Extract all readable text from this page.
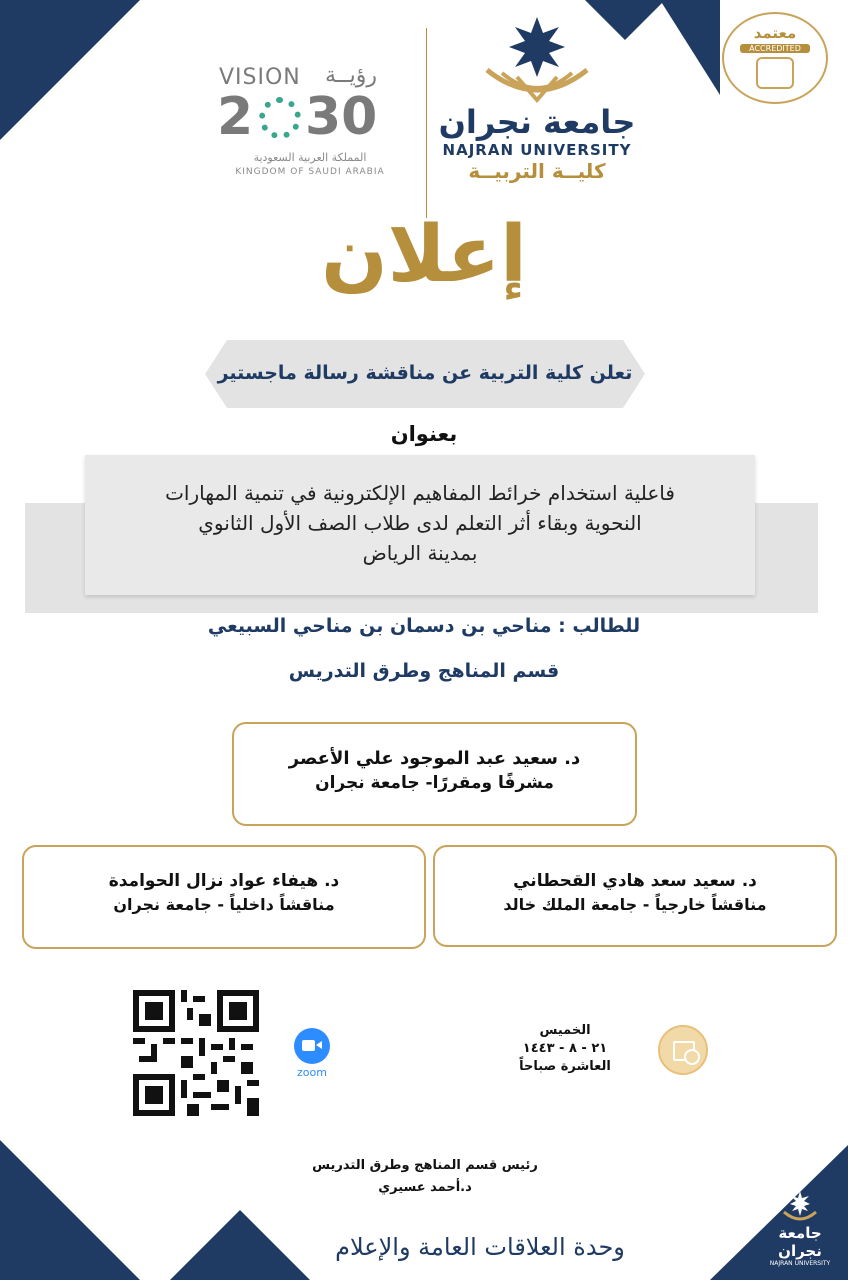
معتمد
ACCREDITED
VISION رؤيــة
2 30
المملكة العربية السعودية
KINGDOM OF SAUDI ARABIA
جامعة نجران
NAJRAN UNIVERSITY
كليــة التربيــة
إعلان
تعلن كلية التربية عن مناقشة رسالة ماجستير
بعنوان
فاعلية استخدام خرائط المفاهيم الإلكترونية في تنمية المهارات
النحوية وبقاء أثر التعلم لدى طلاب الصف الأول الثانوي
بمدينة الرياض
للطالب : مناحي بن دسمان بن مناحي السبيعي
قسم المناهج وطرق التدريس
د. سعيد عبد الموجود علي الأعصر
مشرفًا ومقررًا- جامعة نجران
د. سعيد سعد هادي القحطاني
مناقشاً خارجياً - جامعة الملك خالد
د. هيفاء عواد نزال الحوامدة
مناقشاً داخلياً - جامعة نجران
zoom
الخميس
٢١ - ٨ - ١٤٤٣
العاشرة صباحاً
رئيس قسم المناهج وطرق التدريس
د.أحمد عسيري
وحدة العلاقات العامة والإعلام	جامعة نجران
NAJRAN UNIVERSITY
